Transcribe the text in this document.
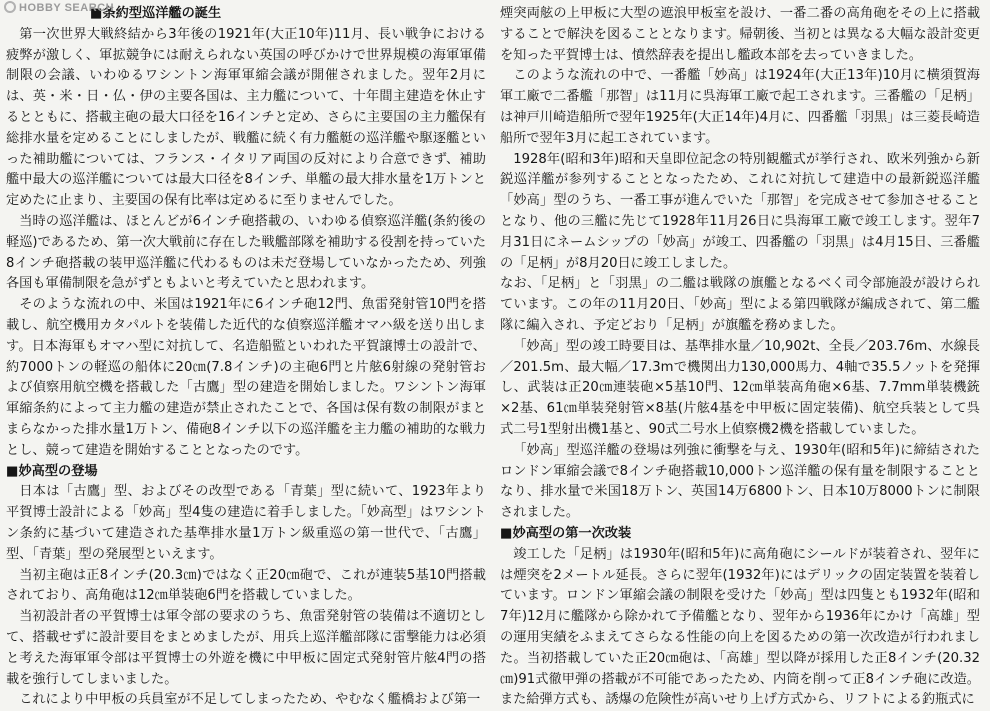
HOBBY SEARCH
■ 条約型巡洋艦の誕生

第一次世界大戦終結から3年後の1921年(大正10年)11月、長い戦争における疲弊が激しく、軍拡競争には耐えられない英国の呼びかけで世界規模の海軍軍備制限の会議、いわゆるワシントン海軍軍縮会議が開催されました。翌年2月には、英・米・日・仏・伊の主要各国は、主力艦について、十年間主建造を休止するとともに、搭載主砲の最大口径を16インチと定め、さらに主要国の主力艦保有総排水量を定めることにしましたが、戦艦に続く有力艦艇の巡洋艦や駆逐艦といった補助艦については、フランス・イタリア両国の反対により合意できず、補助艦中最大の巡洋艦については最大口径を8インチ、単艦の最大排水量を1万トンと定めたに止まり、主要国の保有比率は定めるに至りませんでした。

当時の巡洋艦は、ほとんどが6インチ砲搭載の、いわゆる偵察巡洋艦(条約後の軽巡)であるため、第一次大戦前に存在した戦艦部隊を補助する役割を持っていた8インチ砲搭載の装甲巡洋艦に代わるものは未だ登場していなかったため、列強各国も軍備制限を急がずともよいと考えていたと思われます。

そのような流れの中、米国は1921年に6インチ砲12門、魚雷発射管10門を搭載し、航空機用カタパルトを装備した近代的な偵察巡洋艦オマハ級を送り出します。日本海軍もオマハ型に対抗して、名造船監といわれた平賀譲博士の設計で、約7000トンの軽巡の船体に20㎝(7.8インチ)の主砲6門と片舷6射線の発射管および偵察用航空機を搭載した「古鷹」型の建造を開始しました。ワシントン海軍軍縮条約によって主力艦の建造が禁止されたことで、各国は保有数の制限がまとまらなかった排水量1万トン、備砲8インチ以下の巡洋艦を主力艦の補助的な戦力とし、競って建造を開始することとなったのです。

■ 妙高型の登場

日本は「古鷹」型、およびその改型である「青葉」型に続いて、1923年より平賀博士設計による「妙高」型4隻の建造に着手しました。「妙高型」はワシントン条約に基づいて建造された基準排水量1万トン級重巡の第一世代で、「古鷹」型、「青葉」型の発展型といえます。

当初主砲は正8インチ(20.3㎝)ではなく正20㎝砲で、これが連装5基10門搭載されており、高角砲は12㎝単装砲6門を搭載していました。

当初設計者の平賀博士は軍令部の要求のうち、魚雷発射管の装備は不適切として、搭載せずに設計要目をまとめましたが、用兵上巡洋艦部隊に雷撃能力は必須と考えた海軍軍令部は平賀博士の外遊を機に中甲板に固定式発射管片舷4門の搭載を強行してしまいました。

これにより中甲板の兵員室が不足してしまったため、やむなく艦橋および第一

煙突両舷の上甲板に大型の遮浪甲板室を設け、一番二番の高角砲をその上に搭載することで解決を図ることとなります。帰朝後、当初とは異なる大幅な設計変更を知った平賀博士は、憤然辞表を提出し艦政本部を去っていきました。

このような流れの中で、一番艦「妙高」は1924年(大正13年)10月に横須賀海軍工廠で二番艦「那智」は11月に呉海軍工廠で起工されます。三番艦の「足柄」は神戸川崎造船所で翌年1925年(大正14年)4月に、四番艦「羽黒」は三菱長崎造船所で翌年3月に起工されています。

1928年(昭和3年)昭和天皇即位記念の特別観艦式が挙行され、欧米列強から新鋭巡洋艦が参列することとなったため、これに対抗して建造中の最新鋭巡洋艦「妙高」型のうち、一番工事が進んでいた「那智」を完成させて参加させることとなり、他の三艦に先じて1928年11月26日に呉海軍工廠で竣工します。翌年7月31日にネームシップの「妙高」が竣工、四番艦の「羽黒」は4月15日、三番艦の「足柄」が8月20日に竣工しました。

なお、「足柄」と「羽黒」の二艦は戦隊の旗艦となるべく司令部施設が設けられています。この年の11月20日、「妙高」型による第四戦隊が編成されて、第二艦隊に編入され、予定どおり「足柄」が旗艦を務めました。

「妙高」型の竣工時要目は、基準排水量／10,902t、全長／203.76m、水線長／201.5m、最大幅／17.3mで機関出力130,000馬力、4軸で35.5ノットを発揮し、武装は正20㎝連装砲×5基10門、12㎝単装高角砲×6基、7.7mm単装機銃×2基、61㎝単装発射管×8基(片舷4基を中甲板に固定装備)、航空兵装として呉式二号1型射出機1基と、90式二号水上偵察機2機を搭載していました。

「妙高」型巡洋艦の登場は列強に衝撃を与え、1930年(昭和5年)に締結されたロンドン軍縮会議で8インチ砲搭載10,000トン巡洋艦の保有量を制限することとなり、排水量で米国18万トン、英国14万6800トン、日本10万8000トンに制限されました。

■ 妙高型の第一次改装

竣工した「足柄」は1930年(昭和5年)に高角砲にシールドが装着され、翌年には煙突を2メートル延長。さらに翌年(1932年)にはデリックの固定装置を装着しています。ロンドン軍縮会議の制限を受けた「妙高」型は四隻とも1932年(昭和7年)12月に艦隊から除かれて予備艦となり、翌年から1936年にかけ「高雄」型の運用実績をふまえてさらなる性能の向上を図るための第一次改造が行われました。当初搭載していた正20㎝砲は、「高雄」型以降が採用した正8インチ(20.32㎝)91式徹甲弾の搭載が不可能であったため、内筒を削って正8インチ砲に改造。また給弾方式も、誘爆の危険性が高いせり上げ方式から、リフトによる釣瓶式に
